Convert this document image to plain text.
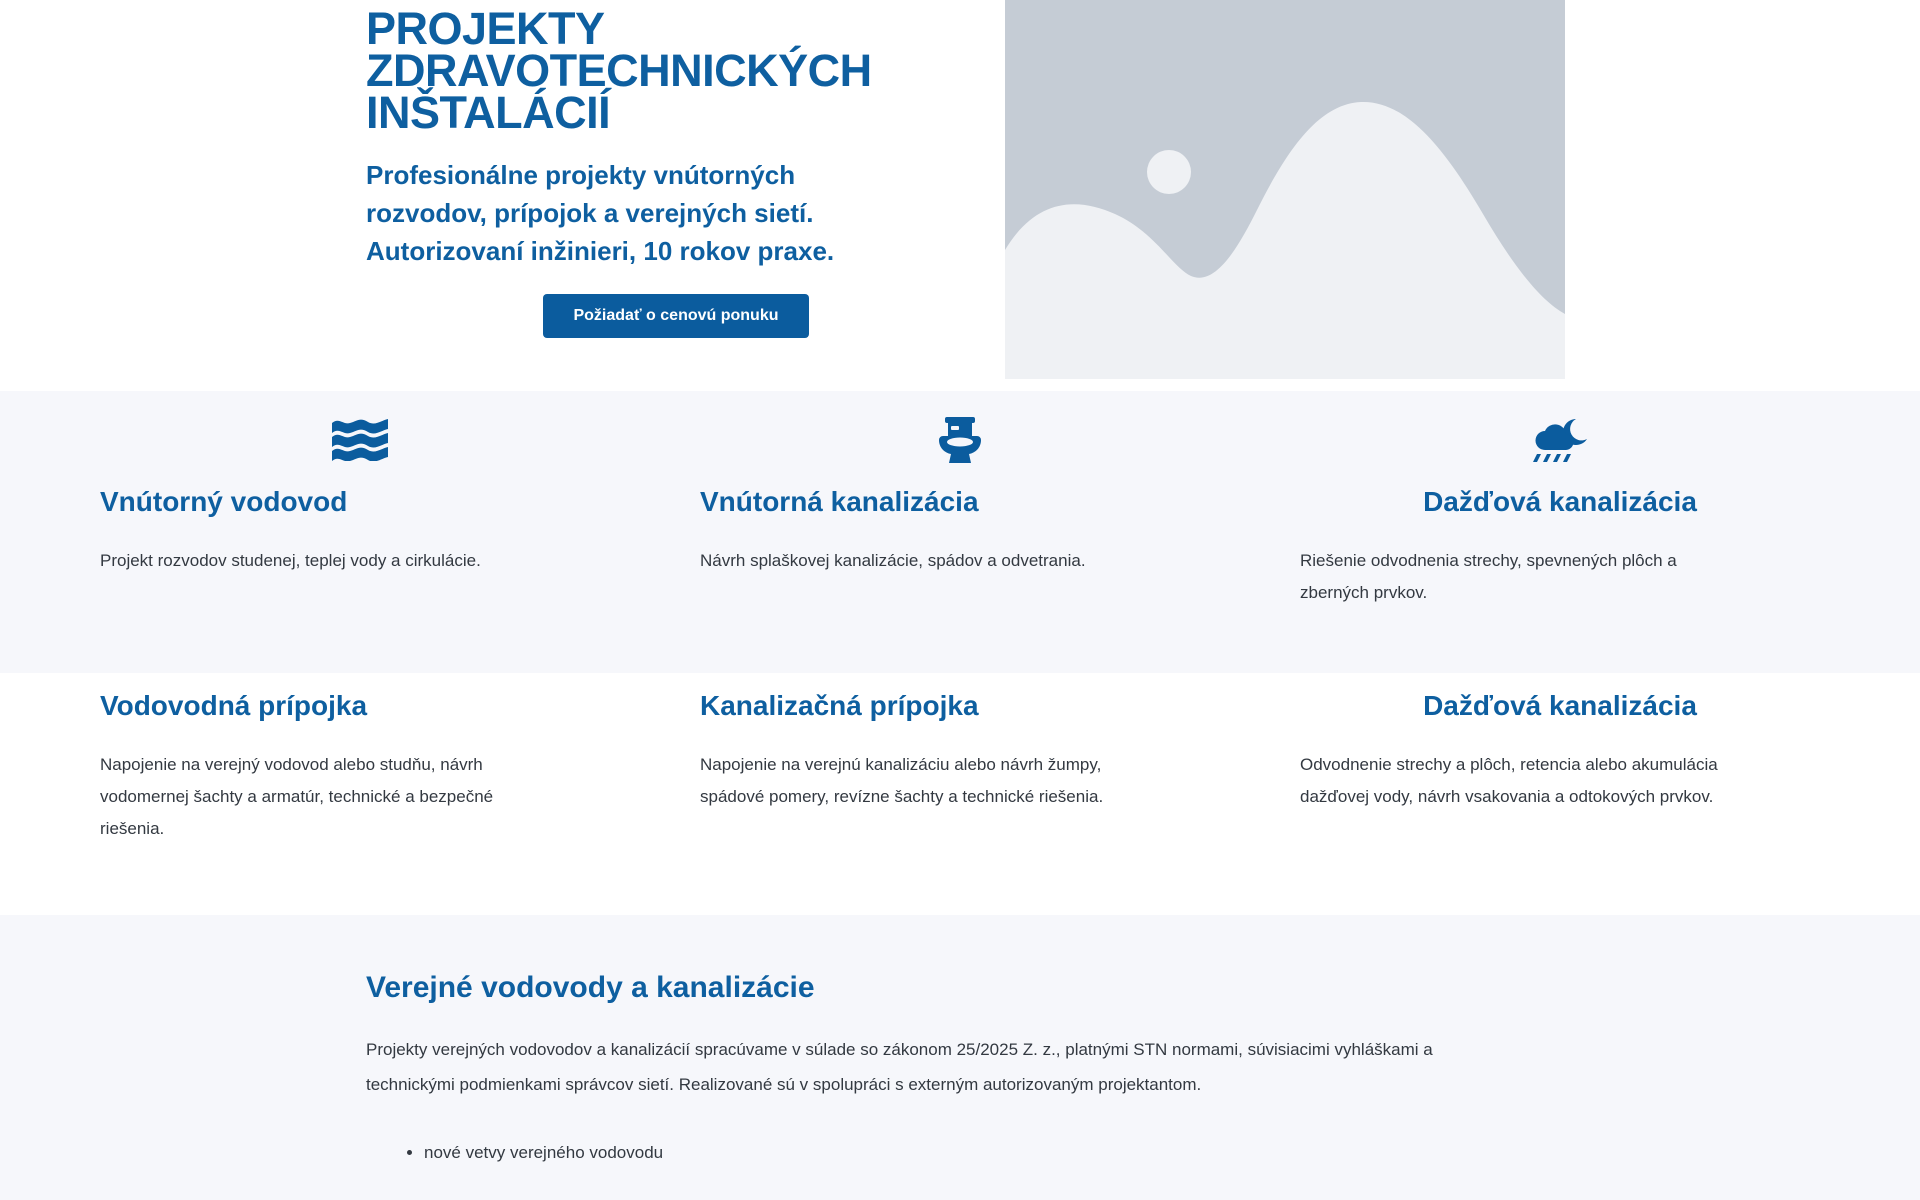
PROJEKTY
ZDRAVOTECHNICKÝCH
INŠTALÁCIÍ

Profesionálne projekty vnútorných
rozvodov, prípojok a verejných sietí.
Autorizovaní inžinieri, 10 rokov praxe.

Požiadať o cenovú ponuku
Vnútorný vodovod

Projekt rozvodov studenej, teplej vody a cirkulácie.

Vnútorná kanalizácia

Návrh splaškovej kanalizácie, spádov a odvetrania.

Dažďová kanalizácia

Riešenie odvodnenia strechy, spevnených plôch a zberných prvkov.

Vodovodná prípojka

Napojenie na verejný vodovod alebo studňu, návrh vodomernej šachty a armatúr, technické a bezpečné riešenia.

Kanalizačná prípojka

Napojenie na verejnú kanalizáciu alebo návrh žumpy, spádové pomery, revízne šachty a technické riešenia.

Dažďová kanalizácia

Odvodnenie strechy a plôch, retencia alebo akumulácia dažďovej vody, návrh vsakovania a odtokových prvkov.

Verejné vodovody a kanalizácie

Projekty verejných vodovodov a kanalizácií spracúvame v súlade so zákonom 25/2025 Z. z., platnými STN normami, súvisiacimi vyhláškami a technickými podmienkami správcov sietí. Realizované sú v spolupráci s externým autorizovaným projektantom.

• nové vetvy verejného vodovodu
